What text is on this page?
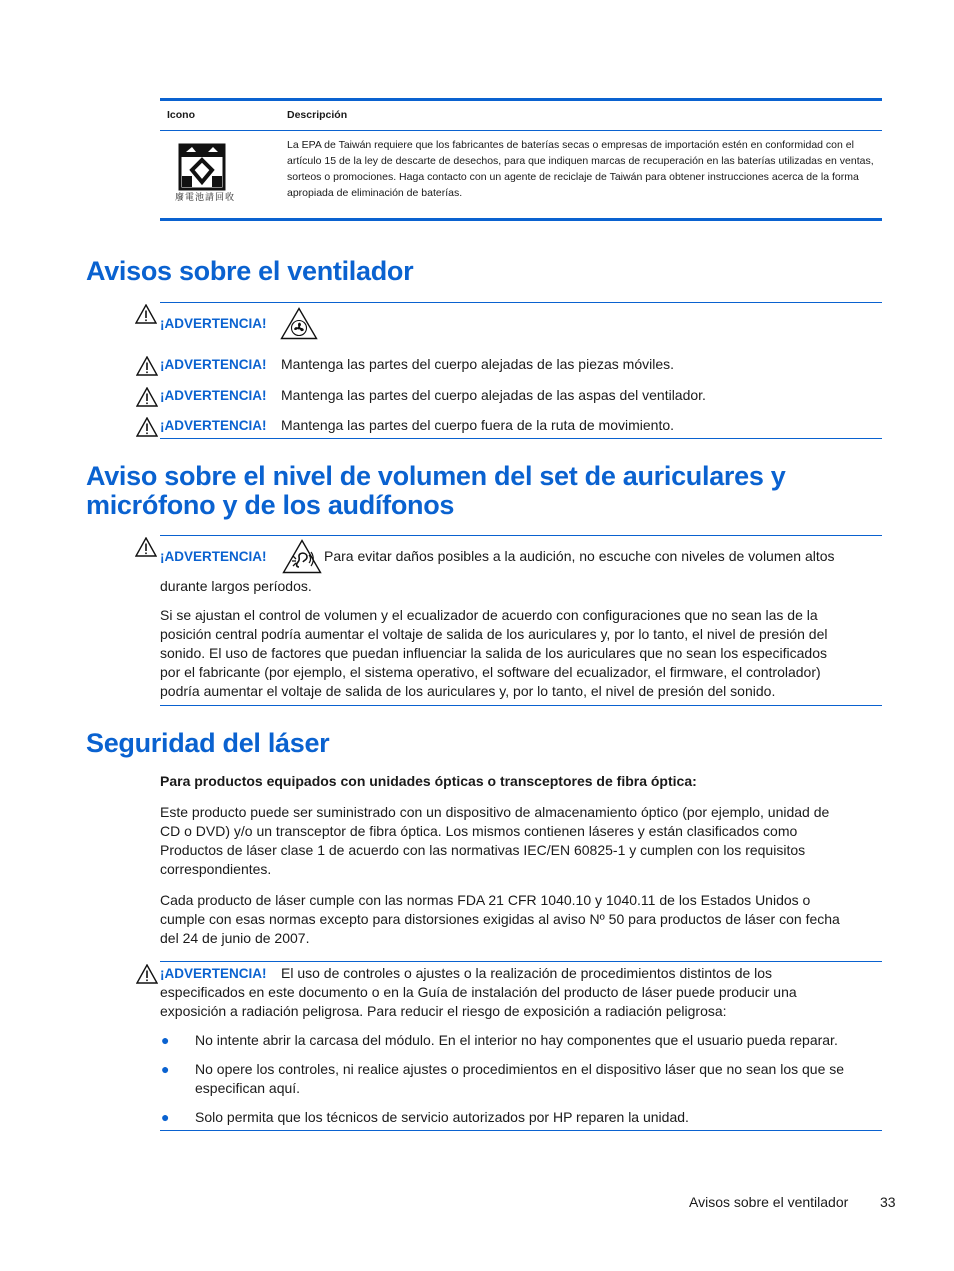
Icono	Descripción
廢電池請回收
La EPA de Taiwán requiere que los fabricantes de baterías secas o empresas de importación estén en conformidad con el artículo 15 de la ley de descarte de desechos, para que indiquen marcas de recuperación en las baterías utilizadas en ventas, sorteos o promociones. Haga contacto con un agente de reciclaje de Taiwán para obtener instrucciones acerca de la forma apropiada de eliminación de baterías.
Avisos sobre el ventilador
¡ADVERTENCIA!
¡ADVERTENCIA! Mantenga las partes del cuerpo alejadas de las piezas móviles.
¡ADVERTENCIA! Mantenga las partes del cuerpo alejadas de las aspas del ventilador.
¡ADVERTENCIA! Mantenga las partes del cuerpo fuera de la ruta de movimiento.
Aviso sobre el nivel de volumen del set de auriculares y
micrófono y de los audífonos
¡ADVERTENCIA!	Para evitar daños posibles a la audición, no escuche con niveles de volumen altos
durante largos períodos.
Si se ajustan el control de volumen y el ecualizador de acuerdo con configuraciones que no sean las de la
posición central podría aumentar el voltaje de salida de los auriculares y, por lo tanto, el nivel de presión del
sonido. El uso de factores que puedan influenciar la salida de los auriculares que no sean los especificados
por el fabricante (por ejemplo, el sistema operativo, el software del ecualizador, el firmware, el controlador)
podría aumentar el voltaje de salida de los auriculares y, por lo tanto, el nivel de presión del sonido.
Seguridad del láser
Para productos equipados con unidades ópticas o transceptores de fibra óptica:
Este producto puede ser suministrado con un dispositivo de almacenamiento óptico (por ejemplo, unidad de
CD o DVD) y/o un transceptor de fibra óptica. Los mismos contienen láseres y están clasificados como
Productos de láser clase 1 de acuerdo con las normativas IEC/EN 60825-1 y cumplen con los requisitos
correspondientes.
Cada producto de láser cumple con las normas FDA 21 CFR 1040.10 y 1040.11 de los Estados Unidos o
cumple con esas normas excepto para distorsiones exigidas al aviso Nº 50 para productos de láser con fecha
del 24 de junio de 2007.
¡ADVERTENCIA! El uso de controles o ajustes o la realización de procedimientos distintos de los
especificados en este documento o en la Guía de instalación del producto de láser puede producir una
exposición a radiación peligrosa. Para reducir el riesgo de exposición a radiación peligrosa:
● No intente abrir la carcasa del módulo. En el interior no hay componentes que el usuario pueda reparar.
● No opere los controles, ni realice ajustes o procedimientos en el dispositivo láser que no sean los que se
especifican aquí.
● Solo permita que los técnicos de servicio autorizados por HP reparen la unidad.
Avisos sobre el ventilador 33
